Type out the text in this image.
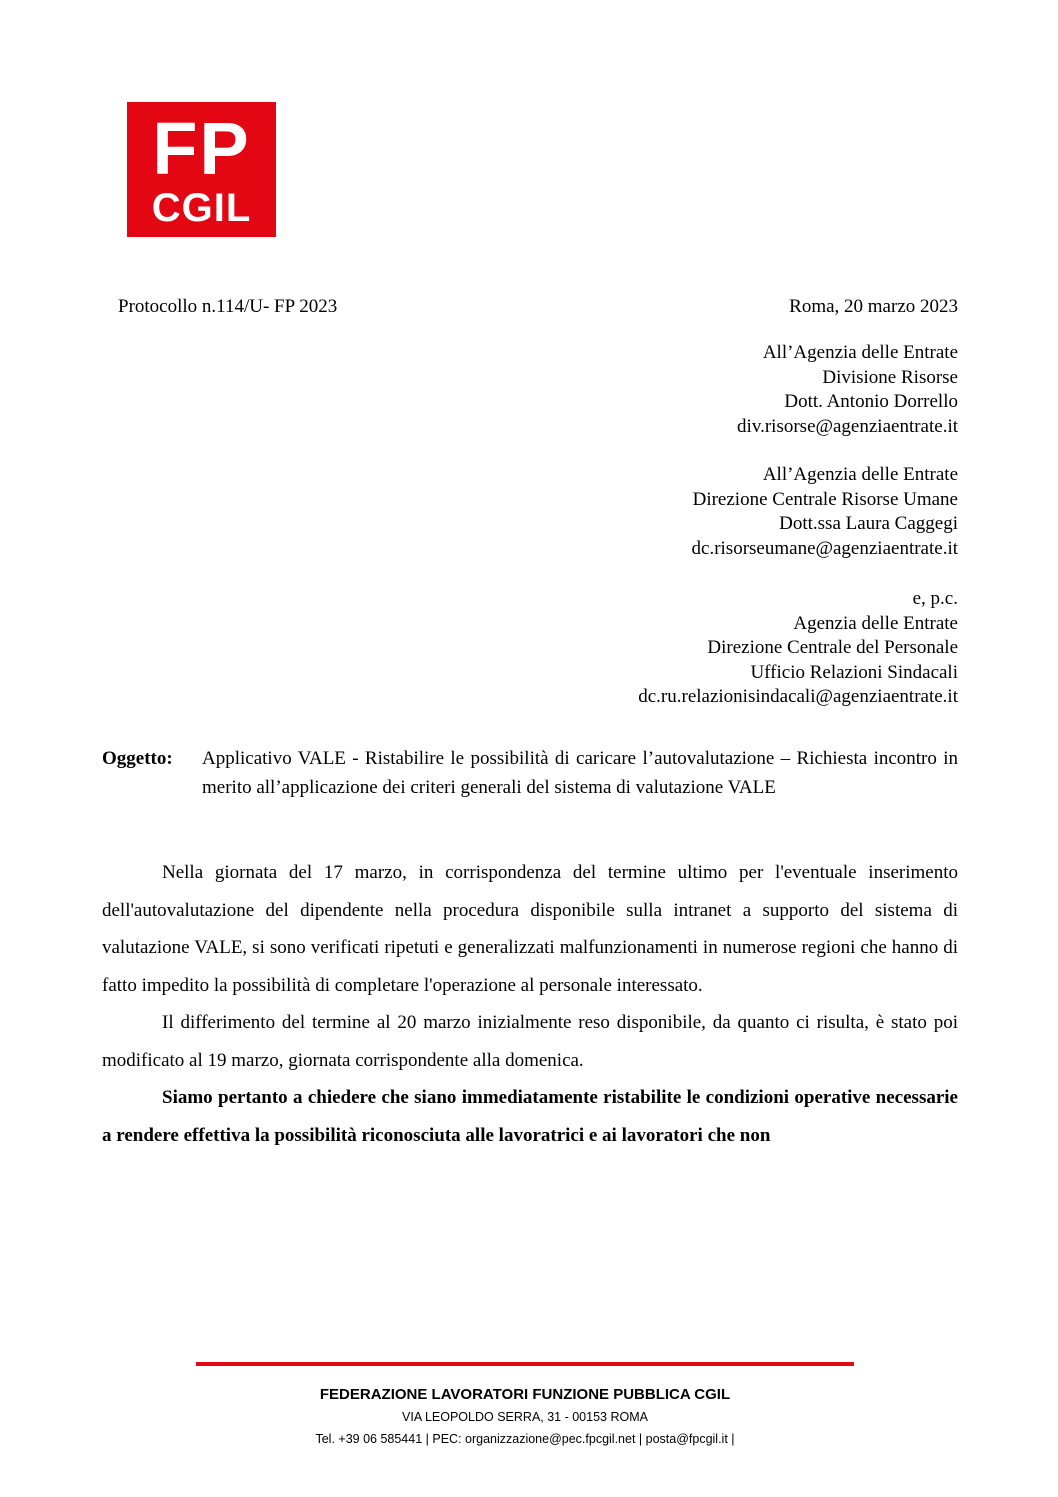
FP
CGIL
Protocollo n.114/U- FP 2023	Roma, 20 marzo 2023
All’Agenzia delle Entrate
Divisione Risorse
Dott. Antonio Dorrello
div.risorse@agenziaentrate.it
All’Agenzia delle Entrate
Direzione Centrale Risorse Umane
Dott.ssa Laura Caggegi
dc.risorseumane@agenziaentrate.it
e, p.c.
Agenzia delle Entrate
Direzione Centrale del Personale
Ufficio Relazioni Sindacali
dc.ru.relazionisindacali@agenziaentrate.it
Oggetto: Applicativo VALE - Ristabilire le possibilità di caricare l’autovalutazione – Richiesta incontro in merito all’applicazione dei criteri generali del sistema di valutazione VALE

Nella giornata del 17 marzo, in corrispondenza del termine ultimo per l'eventuale inserimento dell'autovalutazione del dipendente nella procedura disponibile sulla intranet a supporto del sistema di valutazione VALE, si sono verificati ripetuti e generalizzati malfunzionamenti in numerose regioni che hanno di fatto impedito la possibilità di completare l'operazione al personale interessato.

Il differimento del termine al 20 marzo inizialmente reso disponibile, da quanto ci risulta, è stato poi modificato al 19 marzo, giornata corrispondente alla domenica.

Siamo pertanto a chiedere che siano immediatamente ristabilite le condizioni operative necessarie a rendere effettiva la possibilità riconosciuta alle lavoratrici e ai lavoratori che non

FEDERAZIONE LAVORATORI FUNZIONE PUBBLICA CGIL
VIA LEOPOLDO SERRA, 31 - 00153 ROMA
Tel. +39 06 585441 | PEC: organizzazione@pec.fpcgil.net | posta@fpcgil.it |
